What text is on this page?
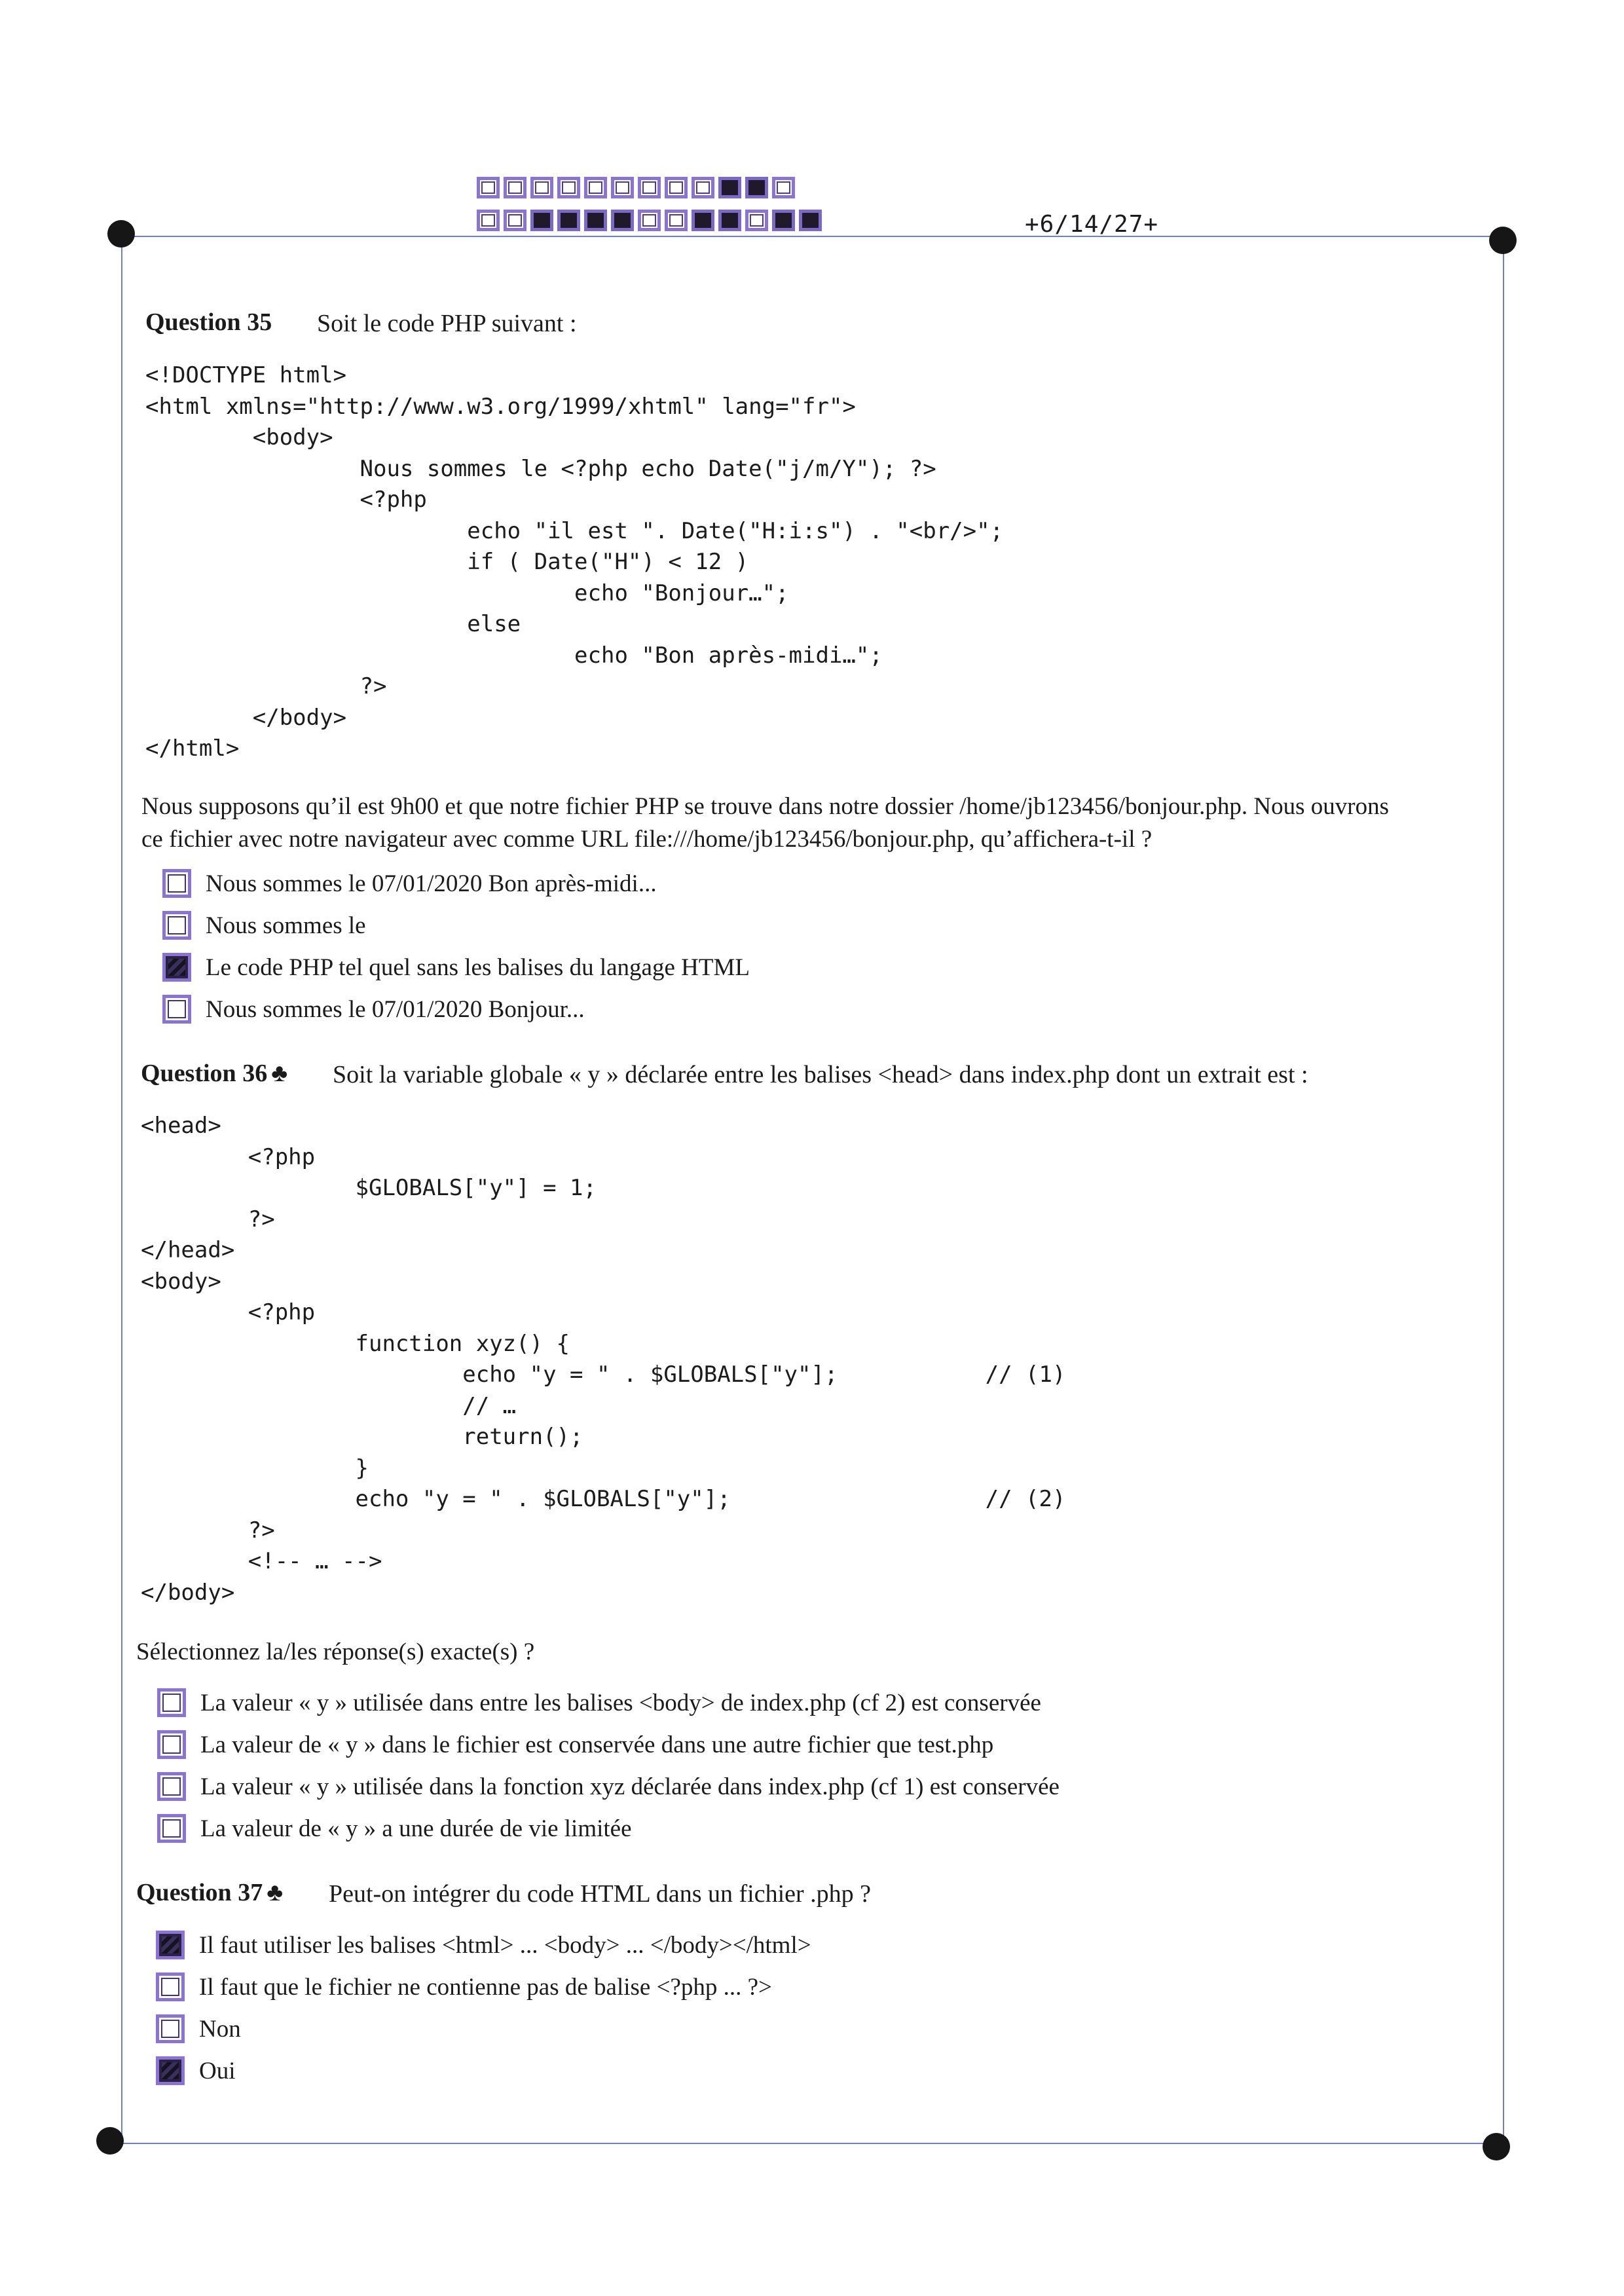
+6/14/27+
Question 35 Soit le code PHP suivant :
<!DOCTYPE html>
<html xmlns="http://www.w3.org/1999/xhtml" lang="fr">
<body>
Nous sommes le <?php echo Date("j/m/Y"); ?>
<?php
echo "il est ". Date("H:i:s") . "<br/>";
if ( Date("H") < 12 )
echo "Bonjour…";
else
echo "Bon après-midi…";
?>
</body>
</html>
Nous supposons qu’il est 9h00 et que notre fichier PHP se trouve dans notre dossier /home/jb123456/bonjour.php. Nous ouvrons
ce fichier avec notre navigateur avec comme URL file:///home/jb123456/bonjour.php, qu’affichera-t-il ?
Nous sommes le 07/01/2020 Bon après-midi...
Nous sommes le
Le code PHP tel quel sans les balises du langage HTML
Nous sommes le 07/01/2020 Bonjour...
Question 36 ♣ Soit la variable globale « y » déclarée entre les balises <head> dans index.php dont un extrait est :
<head>
<?php
$GLOBALS["y"] = 1;
?>
</head>
<body>
<?php
function xyz() {
echo "y = " . $GLOBALS["y"];           // (1)
// …
return();
}
echo "y = " . $GLOBALS["y"];                   // (2)
?>
<!-- … -->
</body>
Sélectionnez la/les réponse(s) exacte(s) ?
La valeur « y » utilisée dans entre les balises <body> de index.php (cf 2) est conservée
La valeur de « y » dans le fichier est conservée dans une autre fichier que test.php
La valeur « y » utilisée dans la fonction xyz déclarée dans index.php (cf 1) est conservée
La valeur de « y » a une durée de vie limitée
Question 37 ♣ Peut-on intégrer du code HTML dans un fichier .php ?
Il faut utiliser les balises <html> ... <body> ... </body></html>
Il faut que le fichier ne contienne pas de balise <?php ... ?>
Non
Oui
